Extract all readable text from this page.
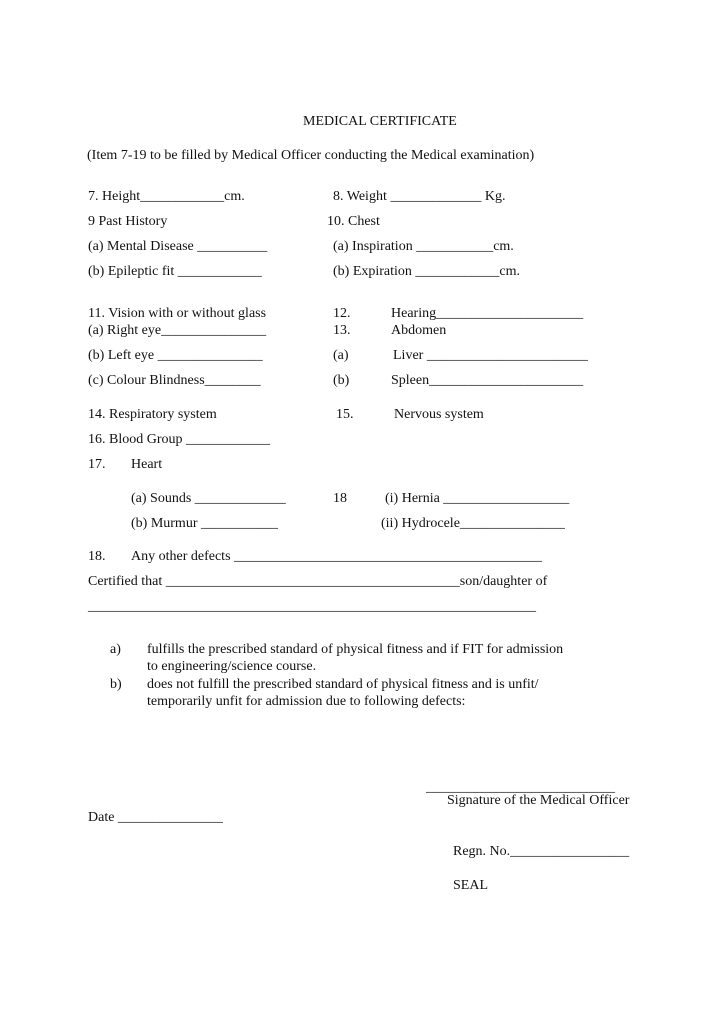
MEDICAL CERTIFICATE
(Item 7-19 to be filled by Medical Officer conducting the Medical examination)
7. Height____________cm.	8. Weight _____________ Kg.
9 Past History	10. Chest
(a) Mental Disease __________	(a) Inspiration ___________cm.
(b) Epileptic fit ____________	(b) Expiration ____________cm.
11. Vision with or without glass	12.	Hearing_____________________
(a) Right eye_______________	13.	Abdomen
(b) Left eye _______________	(a)	Liver _______________________
(c) Colour Blindness________	(b)	Spleen______________________
14. Respiratory system	15.	Nervous system
16. Blood Group ____________
17. Heart
(a) Sounds _____________	18	(i) Hernia __________________
(b) Murmur ___________	(ii) Hydrocele_______________
18. Any other defects ____________________________________________
Certified that __________________________________________son/daughter of
________________________________________________________________
a) fulfills the prescribed standard of physical fitness and if FIT for admission
to engineering/science course.
b) does not fulfill the prescribed standard of physical fitness and is unfit/
temporarily unfit for admission due to following defects:
___________________________
Signature of the Medical Officer
Date _______________
Regn. No._________________
SEAL
